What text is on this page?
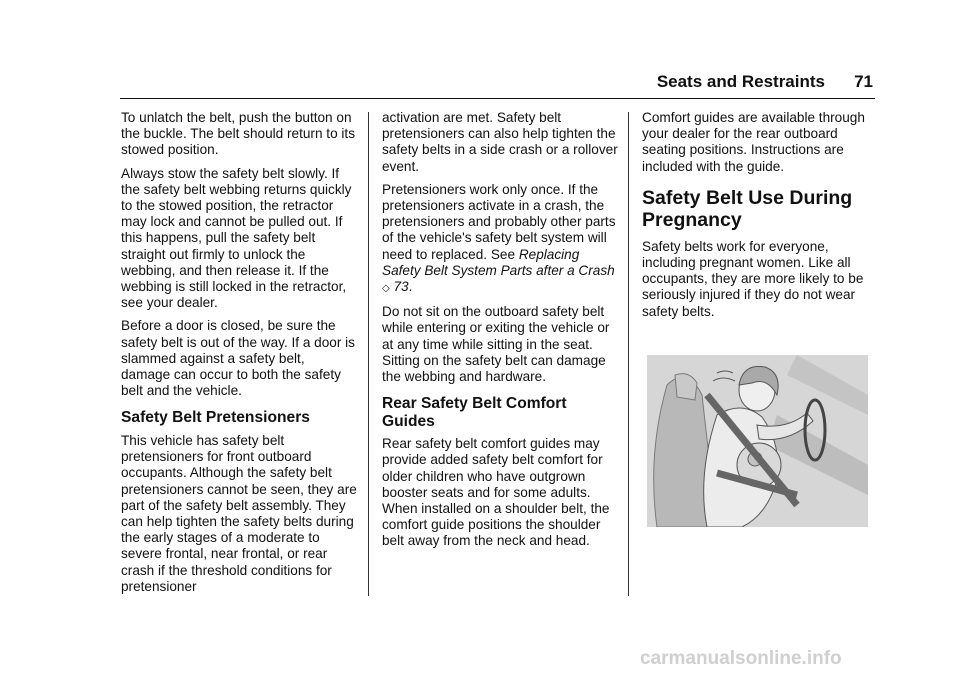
Seats and Restraints 71

To unlatch the belt, push the button on the buckle. The belt should return to its stowed position.

Always stow the safety belt slowly. If the safety belt webbing returns quickly to the stowed position, the retractor may lock and cannot be pulled out. If this happens, pull the safety belt straight out firmly to unlock the webbing, and then release it. If the webbing is still locked in the retractor, see your dealer.

Before a door is closed, be sure the safety belt is out of the way. If a door is slammed against a safety belt, damage can occur to both the safety belt and the vehicle.

Safety Belt Pretensioners

This vehicle has safety belt pretensioners for front outboard occupants. Although the safety belt pretensioners cannot be seen, they are part of the safety belt assembly. They can help tighten the safety belts during the early stages of a moderate to severe frontal, near frontal, or rear crash if the threshold conditions for pretensioner

activation are met. Safety belt pretensioners can also help tighten the safety belts in a side crash or a rollover event.

Pretensioners work only once. If the pretensioners activate in a crash, the pretensioners and probably other parts of the vehicle's safety belt system will need to replaced. See Replacing Safety Belt System Parts after a Crash ◇ 73.

Do not sit on the outboard safety belt while entering or exiting the vehicle or at any time while sitting in the seat. Sitting on the safety belt can damage the webbing and hardware.

Rear Safety Belt Comfort Guides

Rear safety belt comfort guides may provide added safety belt comfort for older children who have outgrown booster seats and for some adults. When installed on a shoulder belt, the comfort guide positions the shoulder belt away from the neck and head.

Comfort guides are available through your dealer for the rear outboard seating positions. Instructions are included with the guide.

Safety Belt Use During Pregnancy

Safety belts work for everyone, including pregnant women. Like all occupants, they are more likely to be seriously injured if they do not wear safety belts.

carmanualsonline.info
